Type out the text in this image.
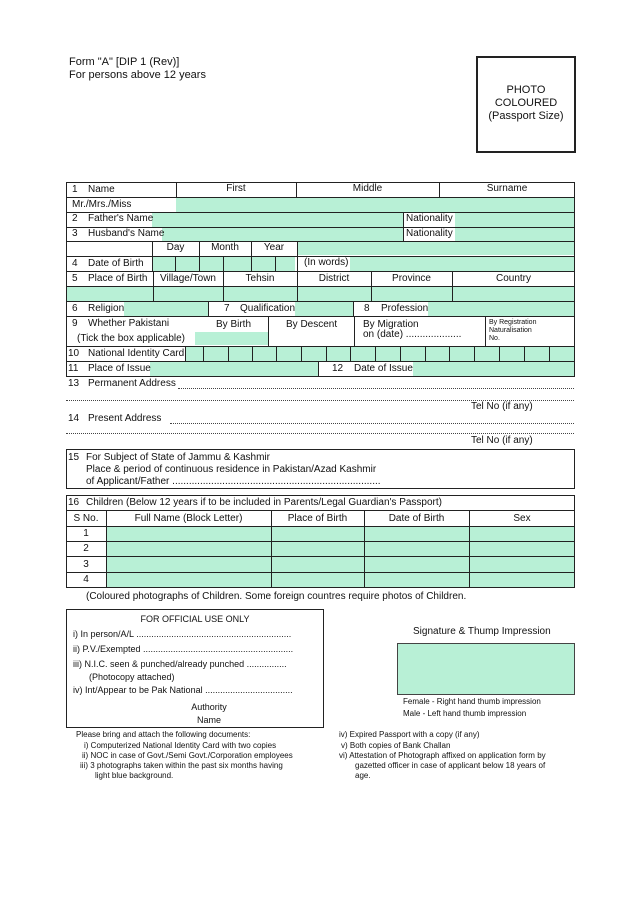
Form "A" [DIP 1 (Rev)]
For persons above 12 years
PHOTO
COLOURED
(Passport Size)
1 Name	First	Middle	Surname
Mr./Mrs./Miss
2 Father's Name	Nationality
3 Husband's Name	Nationality
Day	Month	Year
4 Date of Birth	(In words)
5 Place of Birth	Village/Town	Tehsin	District	Province	Country
6 Religion	7 Qualification	8 Profession
9 Whether Pakistani
(Tick the box applicable)
By Birth	By Descent	By Migration
on (date) ....................
By Registration
Naturalisation
No.
10 National Identity Card
11 Place of Issue	12 Date of Issue
13 Permanent Address
Tel No (if any)
14 Present Address
Tel No (if any)
15 For Subject of State of Jammu & Kashmir
Place & period of continuous residence in Pakistan/Azad Kashmir
of Applicant/Father ...........................................................................
16 Children (Below 12 years if to be included in Parents/Legal Guardian's Passport)
S No.	Full Name (Block Letter)	Place of Birth	Date of Birth	Sex
1
2
3
4
(Coloured photographs of Children. Some foreign countres require photos of Children.
FOR OFFICIAL USE ONLY
i) In person/A/L ..............................................................
ii) P.V./Exempted ............................................................
iii) N.I.C. seen & punched/already punched ................
(Photocopy attached)
iv) Int/Appear to be Pak National ...................................
Authority
Name
Signature & Thump Impression
Female - Right hand thumb impression
Male - Left hand thumb impression
Please bring and attach the following documents:
i) Computerized National Identity Card with two copies
ii) NOC in case of Govt./Semi Govt./Corporation employees
iii) 3 photographs taken within the past six months having
light blue background.
iv) Expired Passport with a copy (if any)
v) Both copies of Bank Challan
vi) Attestation of Photograph affixed on application form by
gazetted officer in case of applicant below 18 years of
age.
